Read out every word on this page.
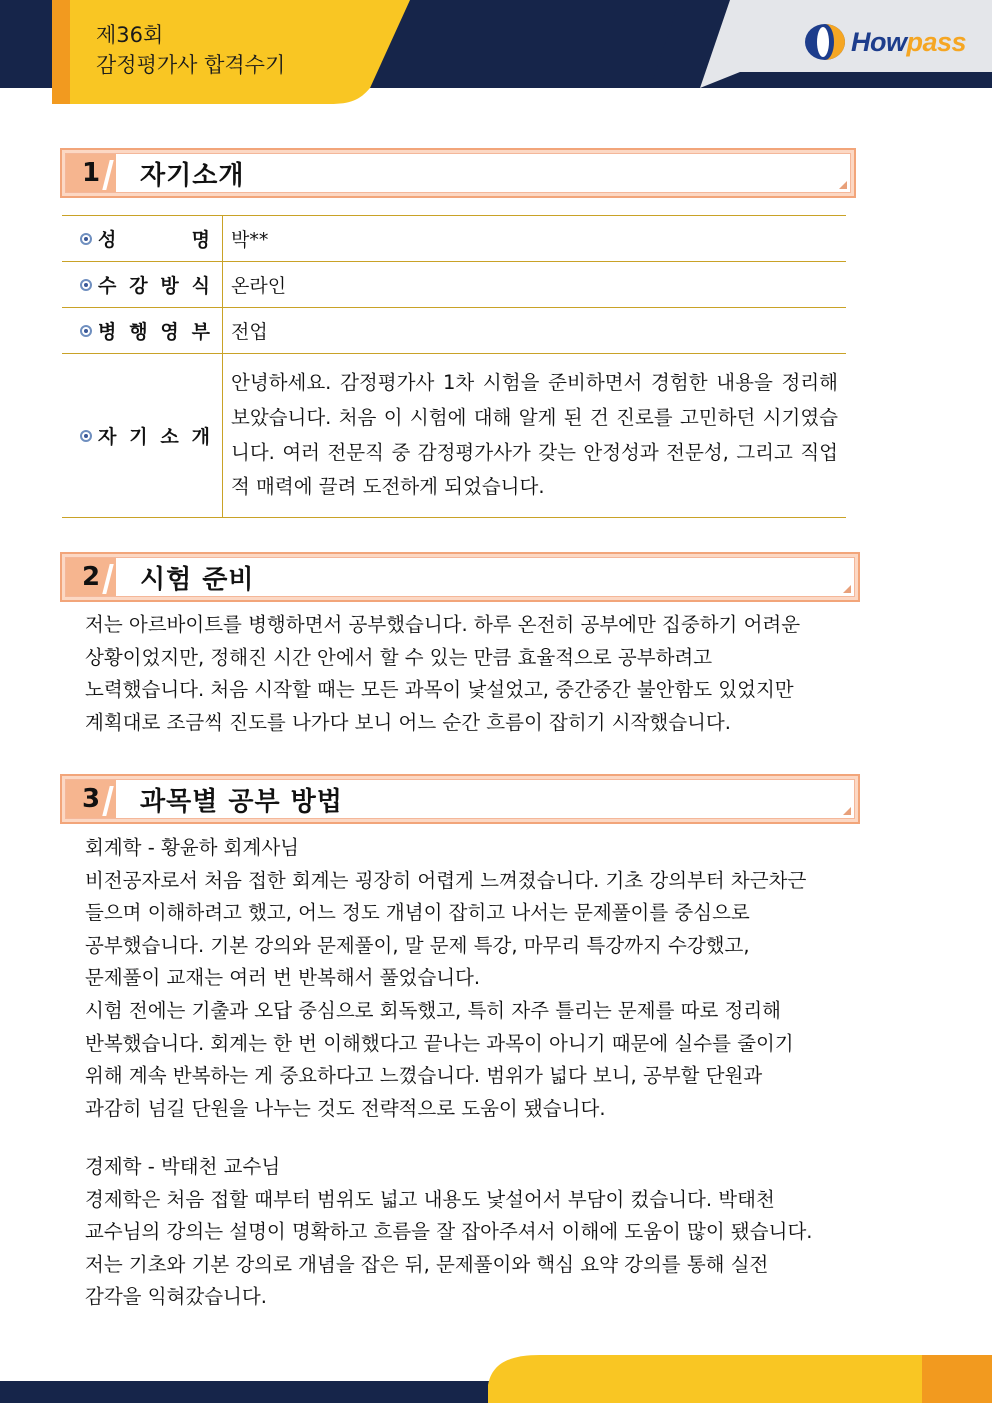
제36회
감정평가사 합격수기
Howpass
1	자기소개
성 명	박**

수 강 방 식	온라인

병 행 영 부	전업

자 기 소 개	안녕하세요. 감정평가사 1차 시험을 준비하면서 경험한 내용을 정리해보았습니다. 처음 이 시험에 대해 알게 된 건 진로를 고민하던 시기였습니다. 여러 전문직 중 감정평가사가 갖는 안정성과 전문성, 그리고 직업적 매력에 끌려 도전하게 되었습니다.
2	시험 준비
저는 아르바이트를 병행하면서 공부했습니다. 하루 온전히 공부에만 집중하기 어려운
상황이었지만, 정해진 시간 안에서 할 수 있는 만큼 효율적으로 공부하려고
노력했습니다. 처음 시작할 때는 모든 과목이 낯설었고, 중간중간 불안함도 있었지만
계획대로 조금씩 진도를 나가다 보니 어느 순간 흐름이 잡히기 시작했습니다.
3	과목별 공부 방법
회계학 - 황윤하 회계사님
비전공자로서 처음 접한 회계는 굉장히 어렵게 느껴졌습니다. 기초 강의부터 차근차근
들으며 이해하려고 했고, 어느 정도 개념이 잡히고 나서는 문제풀이를 중심으로
공부했습니다. 기본 강의와 문제풀이, 말 문제 특강, 마무리 특강까지 수강했고,
문제풀이 교재는 여러 번 반복해서 풀었습니다.
시험 전에는 기출과 오답 중심으로 회독했고, 특히 자주 틀리는 문제를 따로 정리해
반복했습니다. 회계는 한 번 이해했다고 끝나는 과목이 아니기 때문에 실수를 줄이기
위해 계속 반복하는 게 중요하다고 느꼈습니다. 범위가 넓다 보니, 공부할 단원과
과감히 넘길 단원을 나누는 것도 전략적으로 도움이 됐습니다.
경제학 - 박태천 교수님
경제학은 처음 접할 때부터 범위도 넓고 내용도 낯설어서 부담이 컸습니다. 박태천
교수님의 강의는 설명이 명확하고 흐름을 잘 잡아주셔서 이해에 도움이 많이 됐습니다.
저는 기초와 기본 강의로 개념을 잡은 뒤, 문제풀이와 핵심 요약 강의를 통해 실전
감각을 익혀갔습니다.
